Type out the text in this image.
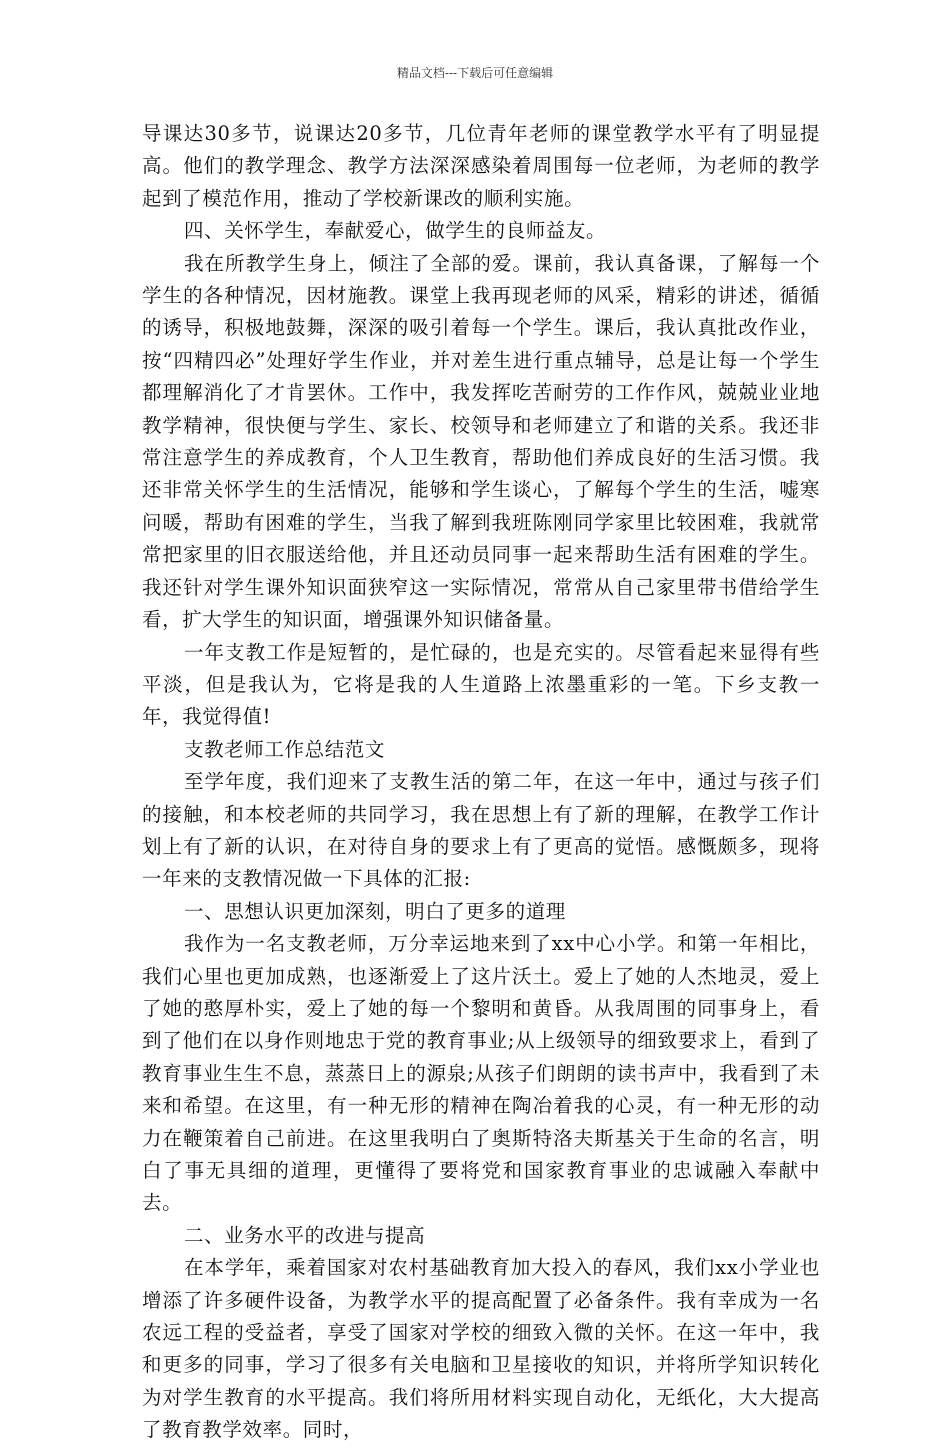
精品文档---下载后可任意编辑

导课达30多节，说课达20多节，几位青年老师的课堂教学水平有了明显提高。他们的教学理念、教学方法深深感染着周围每一位老师，为老师的教学起到了模范作用，推动了学校新课改的顺利实施。

四、关怀学生，奉献爱心，做学生的良师益友。

我在所教学生身上，倾注了全部的爱。课前，我认真备课，了解每一个学生的各种情况，因材施教。课堂上我再现老师的风采，精彩的讲述，循循的诱导，积极地鼓舞，深深的吸引着每一个学生。课后，我认真批改作业，按“四精四必”处理好学生作业，并对差生进行重点辅导，总是让每一个学生都理解消化了才肯罢休。工作中，我发挥吃苦耐劳的工作作风，兢兢业业地教学精神，很快便与学生、家长、校领导和老师建立了和谐的关系。我还非常注意学生的养成教育，个人卫生教育，帮助他们养成良好的生活习惯。我还非常关怀学生的生活情况，能够和学生谈心，了解每个学生的生活，嘘寒问暖，帮助有困难的学生，当我了解到我班陈刚同学家里比较困难，我就常常把家里的旧衣服送给他，并且还动员同事一起来帮助生活有困难的学生。我还针对学生课外知识面狭窄这一实际情况，常常从自己家里带书借给学生看，扩大学生的知识面，增强课外知识储备量。

一年支教工作是短暂的，是忙碌的，也是充实的。尽管看起来显得有些平淡，但是我认为，它将是我的人生道路上浓墨重彩的一笔。下乡支教一年，我觉得值!

支教老师工作总结范文

至学年度，我们迎来了支教生活的第二年，在这一年中，通过与孩子们的接触，和本校老师的共同学习，我在思想上有了新的理解，在教学工作计划上有了新的认识，在对待自身的要求上有了更高的觉悟。感慨颇多，现将一年来的支教情况做一下具体的汇报:

一、思想认识更加深刻，明白了更多的道理

我作为一名支教老师，万分幸运地来到了xx中心小学。和第一年相比，我们心里也更加成熟，也逐渐爱上了这片沃土。爱上了她的人杰地灵，爱上了她的憨厚朴实，爱上了她的每一个黎明和黄昏。从我周围的同事身上，看到了他们在以身作则地忠于党的教育事业;从上级领导的细致要求上，看到了教育事业生生不息，蒸蒸日上的源泉;从孩子们朗朗的读书声中，我看到了未来和希望。在这里，有一种无形的精神在陶冶着我的心灵，有一种无形的动力在鞭策着自己前进。在这里我明白了奥斯特洛夫斯基关于生命的名言，明白了事无具细的道理，更懂得了要将党和国家教育事业的忠诚融入奉献中去。

二、业务水平的改进与提高

在本学年，乘着国家对农村基础教育加大投入的春风，我们xx小学业也增添了许多硬件设备，为教学水平的提高配置了必备条件。我有幸成为一名农远工程的受益者，享受了国家对学校的细致入微的关怀。在这一年中，我和更多的同事，学习了很多有关电脑和卫星接收的知识，并将所学知识转化为对学生教育的水平提高。我们将所用材料实现自动化，无纸化，大大提高了教育教学效率。同时，
